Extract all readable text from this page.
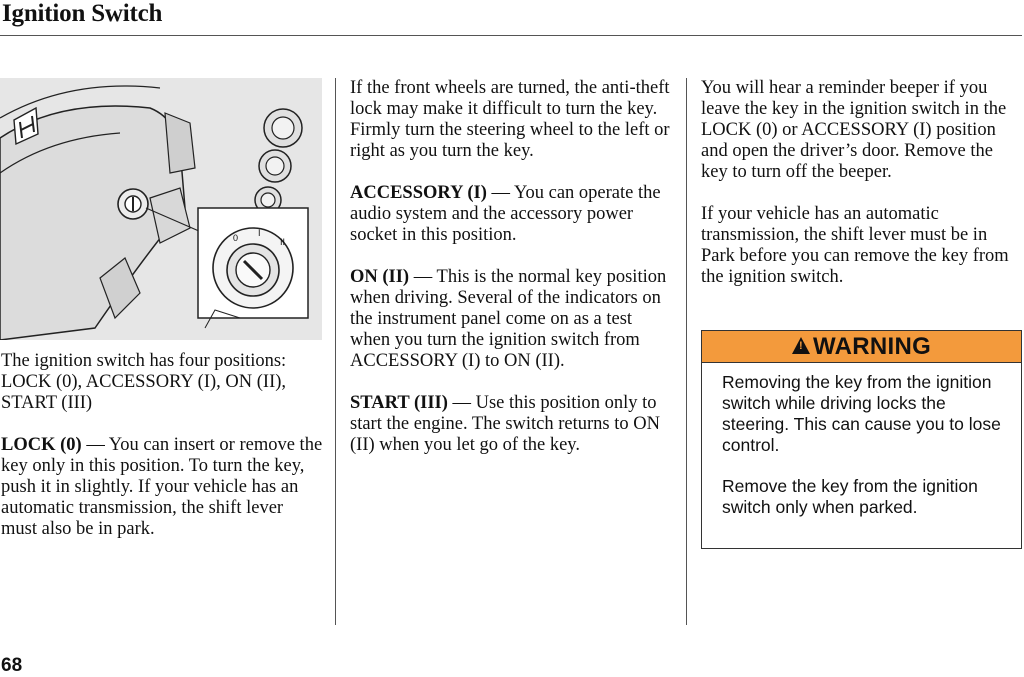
Ignition Switch
0 I
II

The ignition switch has four positions: LOCK (0), ACCESSORY (I), ON (II), START (III)

LOCK (0) — You can insert or remove the key only in this position. To turn the key, push it in slightly. If your vehicle has an automatic transmission, the shift lever must also be in park.

If the front wheels are turned, the anti-theft lock may make it difficult to turn the key. Firmly turn the steering wheel to the left or right as you turn the key.

ACCESSORY (I) — You can operate the audio system and the accessory power socket in this position.

ON (II) — This is the normal key position when driving. Several of the indicators on the instrument panel come on as a test when you turn the ignition switch from ACCESSORY (I) to ON (II).

START (III) — Use this position only to start the engine. The switch returns to ON (II) when you let go of the key.

You will hear a reminder beeper if you leave the key in the ignition switch in the LOCK (0) or ACCESSORY (I) position and open the driver’s door. Remove the key to turn off the beeper.

If your vehicle has an automatic transmission, the shift lever must be in Park before you can remove the key from the ignition switch.

!
WARNING

Removing the key from the ignition switch while driving locks the steering. This can cause you to lose control.

Remove the key from the ignition switch only when parked.

68
